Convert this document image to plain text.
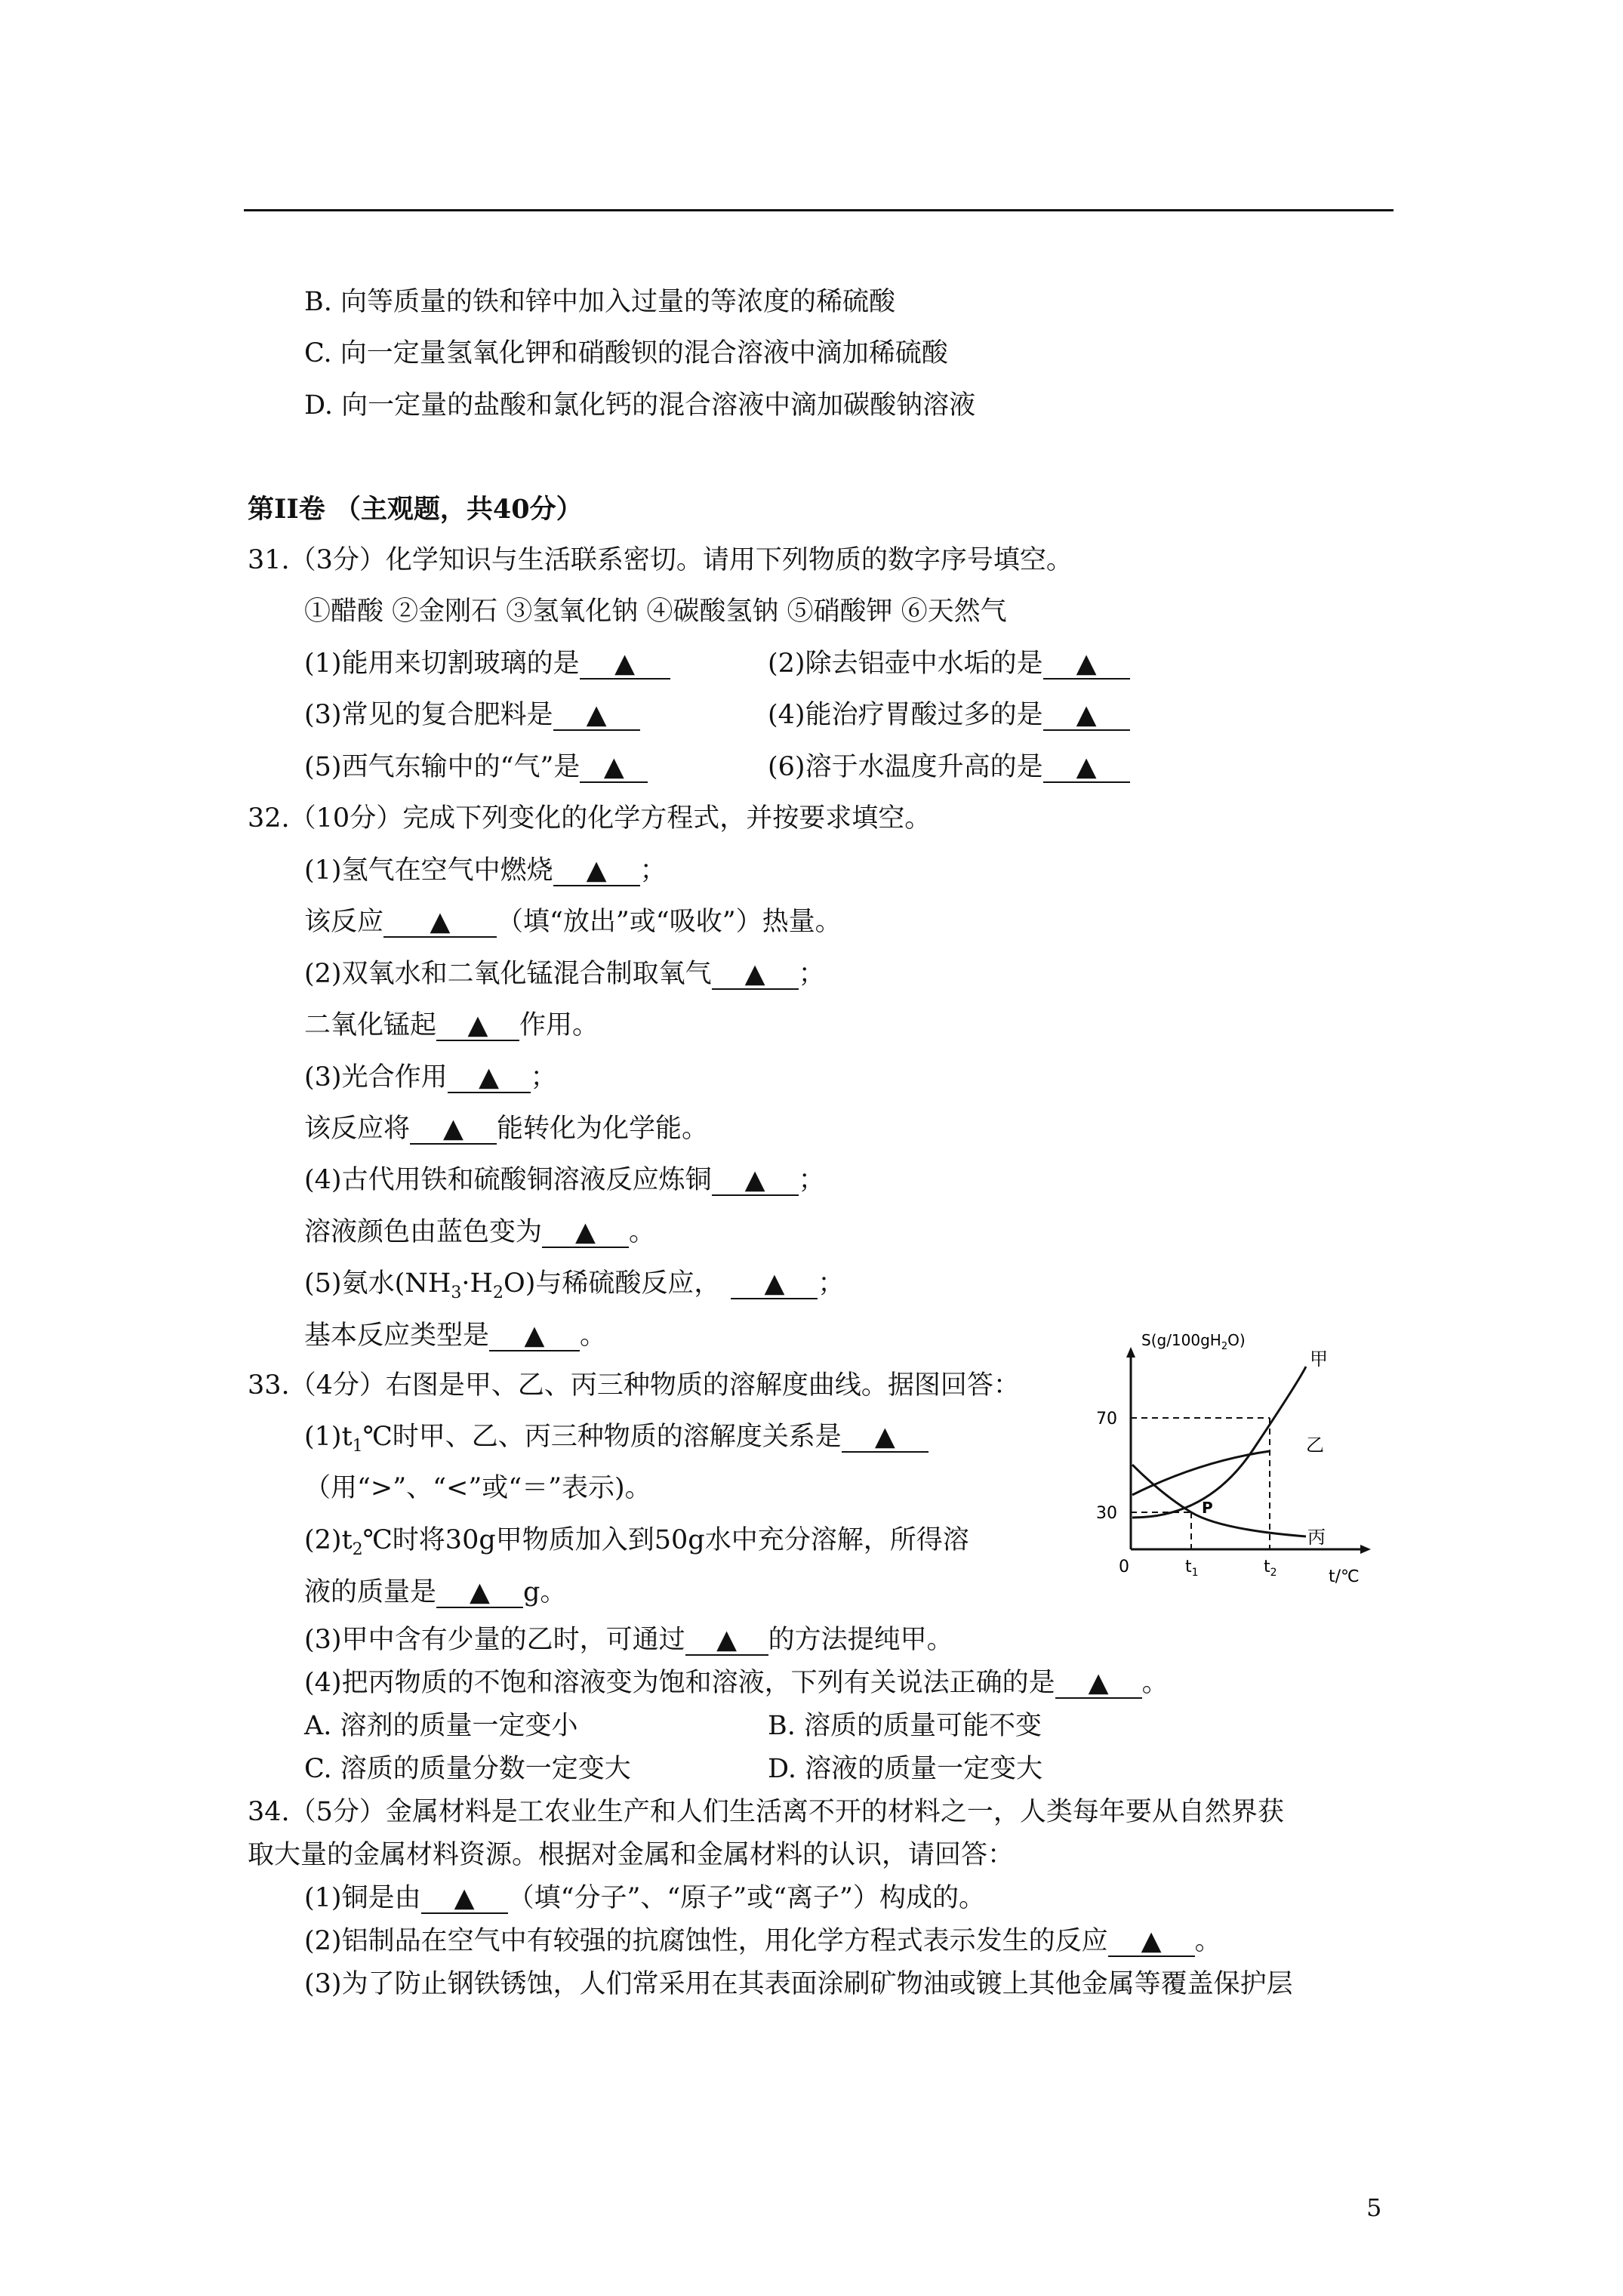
B. 向等质量的铁和锌中加入过量的等浓度的稀硫酸
C. 向一定量氢氧化钾和硝酸钡的混合溶液中滴加稀硫酸
D. 向一定量的盐酸和氯化钙的混合溶液中滴加碳酸钠溶液
第II卷 （主观题，共40分）
31.（3分）化学知识与生活联系密切。请用下列物质的数字序号填空。
①醋酸 ②金刚石 ③氢氧化钠 ④碳酸氢钠 ⑤硝酸钾 ⑥天然气
(1)能用来切割玻璃的是 ▲	(2)除去铝壶中水垢的是 ▲
(3)常见的复合肥料是 ▲	(4)能治疗胃酸过多的是 ▲
(5)西气东输中的“气”是 ▲	(6)溶于水温度升高的是 ▲
32.（10分）完成下列变化的化学方程式，并按要求填空。
(1)氢气在空气中燃烧 ▲ ；
该反应 ▲ （填“放出”或“吸收”）热量。
(2)双氧水和二氧化锰混合制取氧气 ▲ ；
二氧化锰起 ▲ 作用。
(3)光合作用 ▲ ；
该反应将 ▲ 能转化为化学能。
(4)古代用铁和硫酸铜溶液反应炼铜 ▲ ；
溶液颜色由蓝色变为 ▲ 。
(5)氨水$(NH_3\cdot H_2O)$与稀硫酸反应， ▲ ；
基本反应类型是 ▲ 。
33.（4分）右图是甲、乙、丙三种物质的溶解度曲线。据图回答：
$(1)t_1℃$时甲、乙、丙三种物质的溶解度关系是 ▲
（用“>”、“<”或“＝”表示)。
$(2)t_2℃$时将30g甲物质加入到50g水中充分溶解，所得溶
液的质量是 ▲ g。
(3)甲中含有少量的乙时，可通过 ▲ 的方法提纯甲。
(4)把丙物质的不饱和溶液变为饱和溶液，下列有关说法正确的是 ▲ 。
A. 溶剂的质量一定变小	B. 溶质的质量可能不变
C. 溶质的质量分数一定变大	D. 溶液的质量一定变大
$S(g/100gH_2O)$
甲
乙
丙
P
70
30
0	$t_1$	$t_2$	t/℃
34.（5分）金属材料是工农业生产和人们生活离不开的材料之一，人类每年要从自然界获
取大量的金属材料资源。根据对金属和金属材料的认识，请回答：
(1)铜是由 ▲ （填“分子”、“原子”或“离子”）构成的。
(2)铝制品在空气中有较强的抗腐蚀性，用化学方程式表示发生的反应 ▲ 。
(3)为了防止钢铁锈蚀，人们常采用在其表面涂刷矿物油或镀上其他金属等覆盖保护层
5
